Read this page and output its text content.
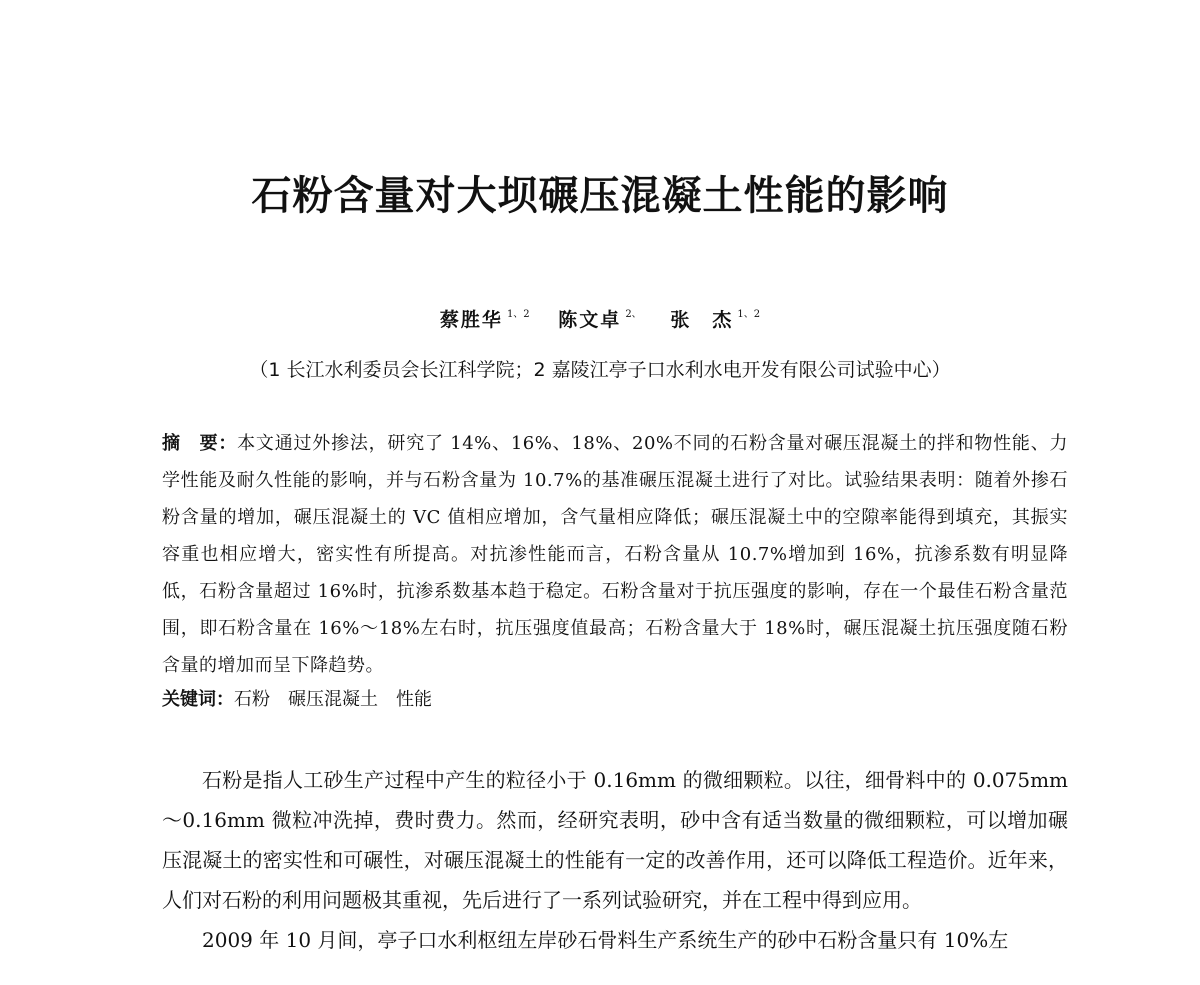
石粉含量对大坝碾压混凝土性能的影响
蔡胜华 $^{1、2}$ 陈文卓 $^{2、}$ 张　杰 $^{1、2}$
（1 长江水利委员会长江科学院；2 嘉陵江亭子口水利水电开发有限公司试验中心）

摘　要：本文通过外掺法，研究了 14%、16%、18%、20%不同的石粉含量对碾压混凝土的拌和物性能、力学性能及耐久性能的影响，并与石粉含量为 10.7%的基准碾压混凝土进行了对比。试验结果表明：随着外掺石粉含量的增加，碾压混凝土的 VC 值相应增加，含气量相应降低；碾压混凝土中的空隙率能得到填充，其振实容重也相应增大，密实性有所提高。对抗渗性能而言，石粉含量从 10.7%增加到 16%，抗渗系数有明显降低，石粉含量超过 16%时，抗渗系数基本趋于稳定。石粉含量对于抗压强度的影响，存在一个最佳石粉含量范围，即石粉含量在 16%～18%左右时，抗压强度值最高；石粉含量大于 18%时，碾压混凝土抗压强度随石粉含量的增加而呈下降趋势。

关键词：石粉 碾压混凝土 性能

石粉是指人工砂生产过程中产生的粒径小于 0.16mm 的微细颗粒。以往，细骨料中的 0.075mm～0.16mm 微粒冲洗掉，费时费力。然而，经研究表明，砂中含有适当数量的微细颗粒，可以增加碾压混凝土的密实性和可碾性，对碾压混凝土的性能有一定的改善作用，还可以降低工程造价。近年来，人们对石粉的利用问题极其重视，先后进行了一系列试验研究，并在工程中得到应用。

2009 年 10 月间，亭子口水利枢纽左岸砂石骨料生产系统生产的砂中石粉含量只有 10%左
